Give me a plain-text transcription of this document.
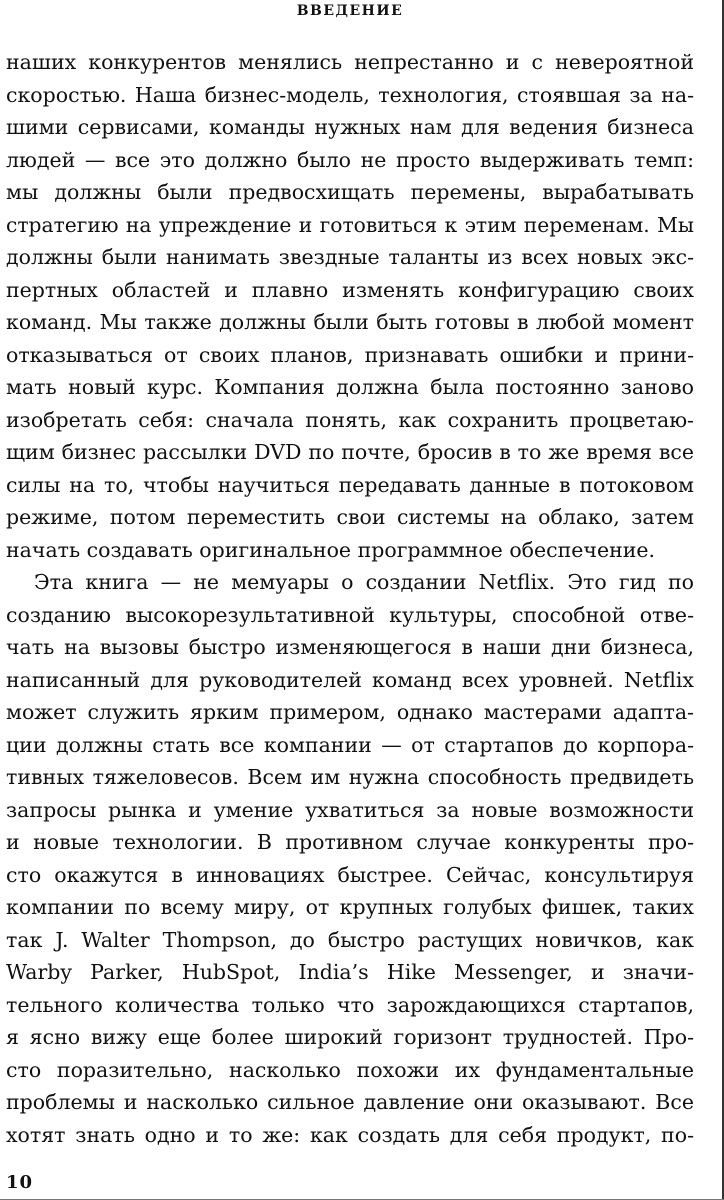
ВВЕДЕНИЕ
наших конкурентов менялись непрестанно и с невероятной
скоростью. Наша бизнес-модель, технология, стоявшая за на-
шими сервисами, команды нужных нам для ведения бизнеса
людей — все это должно было не просто выдерживать темп:
мы должны были предвосхищать перемены, вырабатывать
стратегию на упреждение и готовиться к этим переменам. Мы
должны были нанимать звездные таланты из всех новых экс-
пертных областей и плавно изменять конфигурацию своих
команд. Мы также должны были быть готовы в любой момент
отказываться от своих планов, признавать ошибки и прини-
мать новый курс. Компания должна была постоянно заново
изобретать себя: сначала понять, как сохранить процветаю-
щим бизнес рассылки DVD по почте, бросив в то же время все
силы на то, чтобы научиться передавать данные в потоковом
режиме, потом переместить свои системы на облако, затем
начать создавать оригинальное программное обеспечение.
Эта книга — не мемуары о создании Netflix. Это гид по
созданию высокорезультативной культуры, способной отве-
чать на вызовы быстро изменяющегося в наши дни бизнеса,
написанный для руководителей команд всех уровней. Netflix
может служить ярким примером, однако мастерами адапта-
ции должны стать все компании — от стартапов до корпора-
тивных тяжеловесов. Всем им нужна способность предвидеть
запросы рынка и умение ухватиться за новые возможности
и новые технологии. В противном случае конкуренты про-
сто окажутся в инновациях быстрее. Сейчас, консультируя
компании по всему миру, от крупных голубых фишек, таких
так J. Walter Thompson, до быстро растущих новичков, как
Warby Parker, HubSpot, India’s Hike Messenger, и значи-
тельного количества только что зарождающихся стартапов,
я ясно вижу еще более широкий горизонт трудностей. Про-
сто поразительно, насколько похожи их фундаментальные
проблемы и насколько сильное давление они оказывают. Все
хотят знать одно и то же: как создать для себя продукт, по-
10
